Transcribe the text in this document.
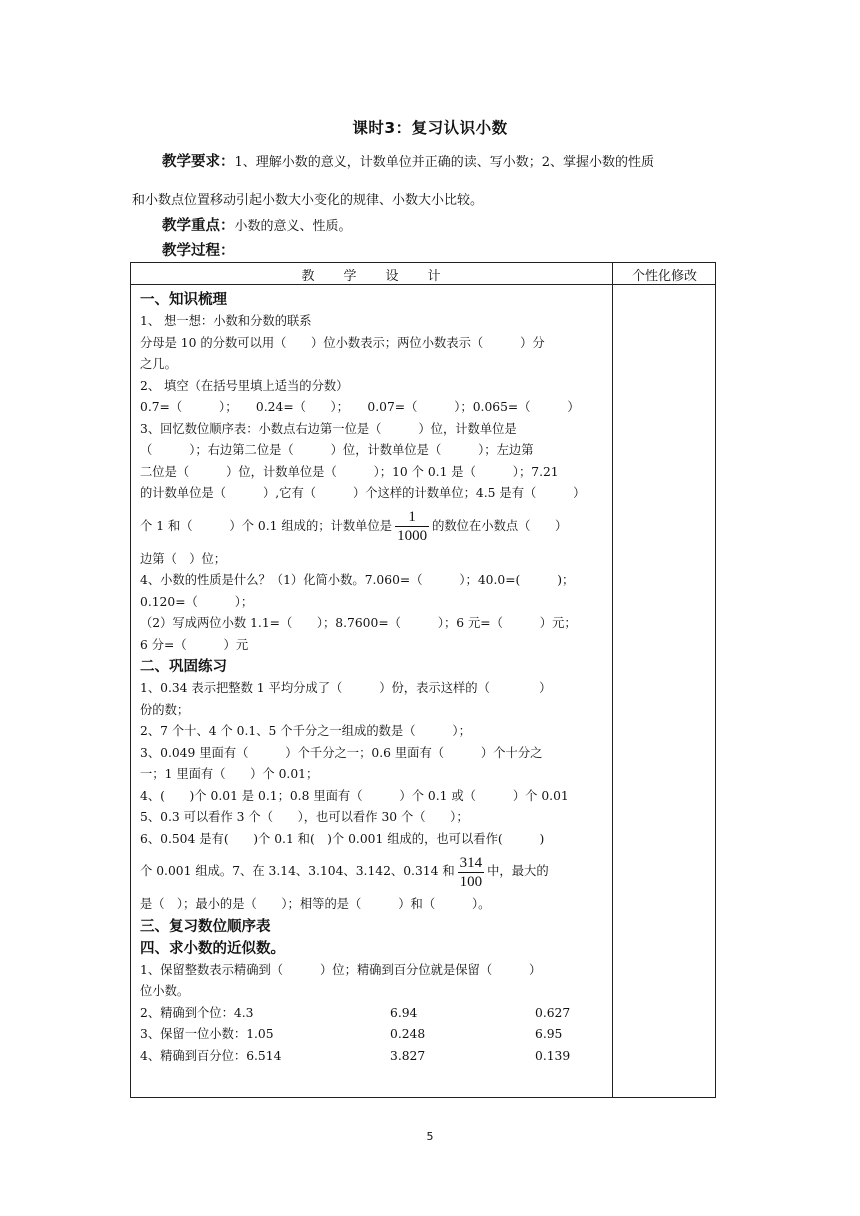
课时3：复习认识小数
教学要求：1、理解小数的意义，计数单位并正确的读、写小数；2、掌握小数的性质
和小数点位置移动引起小数大小变化的规律、小数大小比较。
教学重点：小数的意义、性质。
教学过程：
教 学 设 计	个性化修改
一、知识梳理
1、 想一想：小数和分数的联系
分母是 10 的分数可以用（　　）位小数表示；两位小数表示（　　　）分
之几。
2、 填空（在括号里填上适当的分数）
0.7=（　　　）；　　0.24=（　　）；　　0.07=（　　　）；0.065=（　　　）
3、回忆数位顺序表：小数点右边第一位是（　　　）位，计数单位是
（　　　）；右边第二位是（　　　）位，计数单位是（　　　）；左边第
二位是（　　　）位，计数单位是（　　　）；10 个 0.1 是（　　　）；7.21
的计数单位是（　　　）,它有（　　　）个这样的计数单位；4.5 是有（　　　）
个 1 和（　　　）个 0.1 组成的；计数单位是 $\frac{1}{1000}$ 的数位在小数点（　　）
边第（　）位；
4、小数的性质是什么？（1）化简小数。7.060=（　　　）；40.0=(　　　)；
0.120=（　　　）；
（2）写成两位小数 1.1=（　　）；8.7600=（　　　）；6 元=（　　　）元；
6 分=（　　　）元
二、巩固练习
1、0.34 表示把整数 1 平均分成了（　　　）份，表示这样的（　　　　）
份的数；
2、7 个十、4 个 0.1、5 个千分之一组成的数是（　　　）；
3、0.049 里面有（　　　）个千分之一；0.6 里面有（　　　）个十分之
一；1 里面有（　　）个 0.01；
4、(　　)个 0.01 是 0.1；0.8 里面有（　　　）个 0.1 或（　　　）个 0.01
5、0.3 可以看作 3 个（　　），也可以看作 30 个（　　）；
6、0.504 是有(　　)个 0.1 和(　)个 0.001 组成的，也可以看作(　　　)
个 0.001 组成。7、在 3.14、3.104、3.142、0.314 和 $\frac{314}{100}$ 中，最大的
是（　）；最小的是（　　）；相等的是（　　　）和（　　　）。
三、复习数位顺序表
四、求小数的近似数。
1、保留整数表示精确到（　　　）位；精确到百分位就是保留（　　　）
位小数。
2、精确到个位：4.3	6.94	0.627
3、保留一位小数：1.05	0.248	6.95
4、精确到百分位：6.514	3.827	0.139
5
